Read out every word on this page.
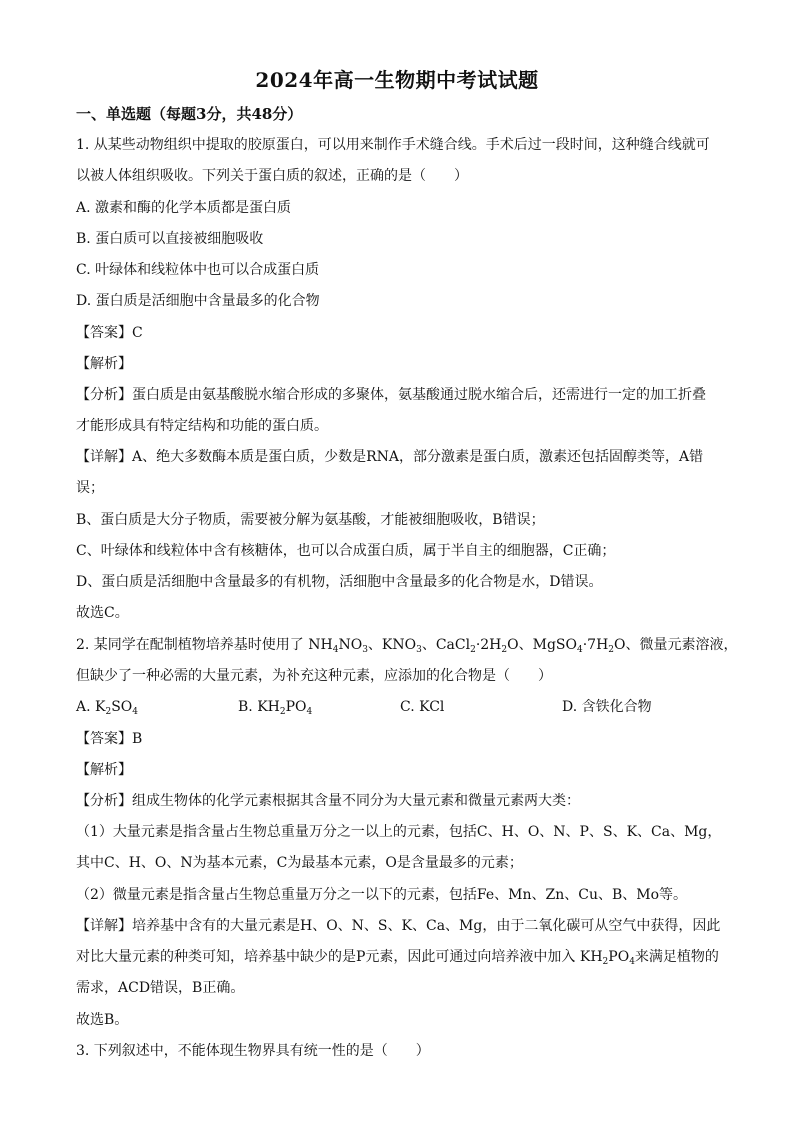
2024年高一生物期中考试试题
一、单选题（每题3分，共48分）
1. 从某些动物组织中提取的胶原蛋白，可以用来制作手术缝合线。手术后过一段时间，这种缝合线就可
以被人体组织吸收。下列关于蛋白质的叙述，正确的是（　　）
A. 激素和酶的化学本质都是蛋白质
B. 蛋白质可以直接被细胞吸收
C. 叶绿体和线粒体中也可以合成蛋白质
D. 蛋白质是活细胞中含量最多的化合物
【答案】C
【解析】
【分析】蛋白质是由氨基酸脱水缩合形成的多聚体，氨基酸通过脱水缩合后，还需进行一定的加工折叠
才能形成具有特定结构和功能的蛋白质。
【详解】A、绝大多数酶本质是蛋白质，少数是RNA，部分激素是蛋白质，激素还包括固醇类等，A错
误；
B、蛋白质是大分子物质，需要被分解为氨基酸，才能被细胞吸收，B错误；
C、叶绿体和线粒体中含有核糖体，也可以合成蛋白质，属于半自主的细胞器，C正确；
D、蛋白质是活细胞中含量最多的有机物，活细胞中含量最多的化合物是水，D错误。
故选C。
2. 某同学在配制植物培养基时使用了 $NH_4NO_3$、$KNO_3$、$CaCl_2\cdot 2H_2O$、$MgSO_4\cdot 7H_2O$、微量元素溶液，
但缺少了一种必需的大量元素，为补充这种元素，应添加的化合物是（　　）
A. $K_2SO_4$	B. $KH_2PO_4$	C. KCl	D. 含铁化合物
【答案】B
【解析】
【分析】组成生物体的化学元素根据其含量不同分为大量元素和微量元素两大类：
（1）大量元素是指含量占生物总重量万分之一以上的元素，包括C、H、O、N、P、S、K、Ca、Mg，
其中C、H、O、N为基本元素，C为最基本元素，O是含量最多的元素；
（2）微量元素是指含量占生物总重量万分之一以下的元素，包括Fe、Mn、Zn、Cu、B、Mo等。
【详解】培养基中含有的大量元素是H、O、N、S、K、Ca、Mg，由于二氧化碳可从空气中获得，因此
对比大量元素的种类可知，培养基中缺少的是P元素，因此可通过向培养液中加入 $KH_2PO_4$来满足植物的
需求，ACD错误，B正确。
故选B。
3. 下列叙述中，不能体现生物界具有统一性的是（　　）
